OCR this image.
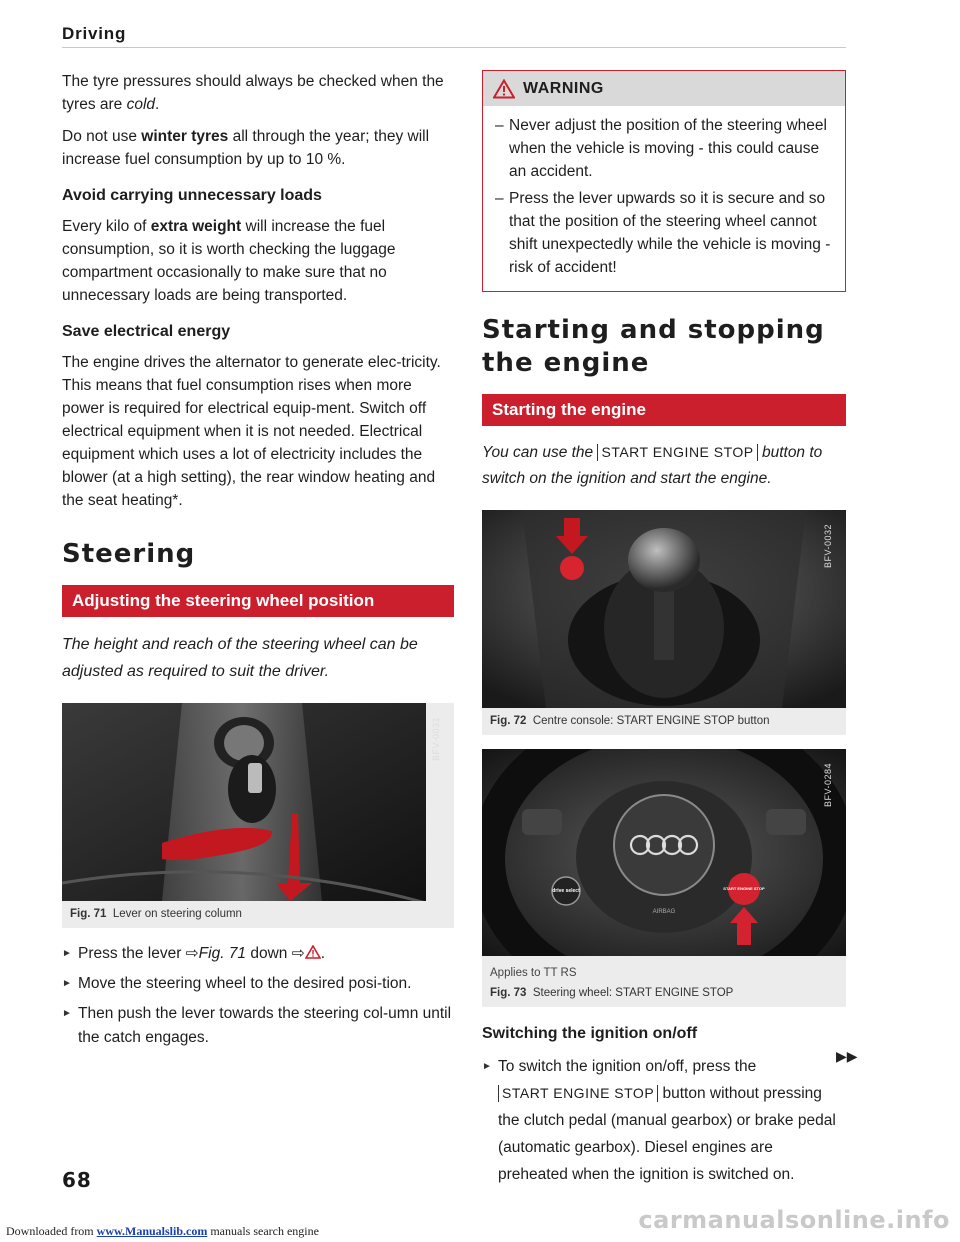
Driving

The tyre pressures should always be checked when the tyres are cold.

Do not use winter tyres all through the year; they will increase fuel consumption by up to 10 %.

Avoid carrying unnecessary loads

Every kilo of extra weight will increase the fuel consumption, so it is worth checking the luggage compartment occasionally to make sure that no unnecessary loads are being transported.

Save electrical energy

The engine drives the alternator to generate elec-tricity. This means that fuel consumption rises when more power is required for electrical equip-ment. Switch off electrical equipment when it is not needed. Electrical equipment which uses a lot of electricity includes the blower (at a high setting), the rear window heating and the seat heating*.

Steering
Adjusting the steering wheel position
The height and reach of the steering wheel can be adjusted as required to suit the driver.
BFV-0031
Fig. 71 Lever on steering column
► Press the lever ⇨Fig. 71 down ⇨ .
► Move the steering wheel to the desired posi-tion.
► Then push the lever towards the steering col-umn until the catch engages.
WARNING
– Never adjust the position of the steering wheel when the vehicle is moving - this could cause an accident.
– Press the lever upwards so it is secure and so that the position of the steering wheel cannot shift unexpectedly while the vehicle is moving - risk of accident!
Starting and stopping the engine
Starting the engine
You can use the START ENGINE STOP button to switch on the ignition and start the engine.
BFV-0032
Fig. 72 Centre console: START ENGINE STOP button
AIRBAG
drive select	START ENGINE STOP
BFV-0284
Applies to TT RS
Fig. 73 Steering wheel: START ENGINE STOP
Switching the ignition on/off
► To switch the ignition on/off, press the START ENGINE STOP button without pressing the clutch pedal (manual gearbox) or brake pedal (automatic gearbox). Diesel engines are preheated when the ignition is switched on.
▶▶
68
Downloaded from www.Manualslib.com manuals search engine	carmanualsonline.info
